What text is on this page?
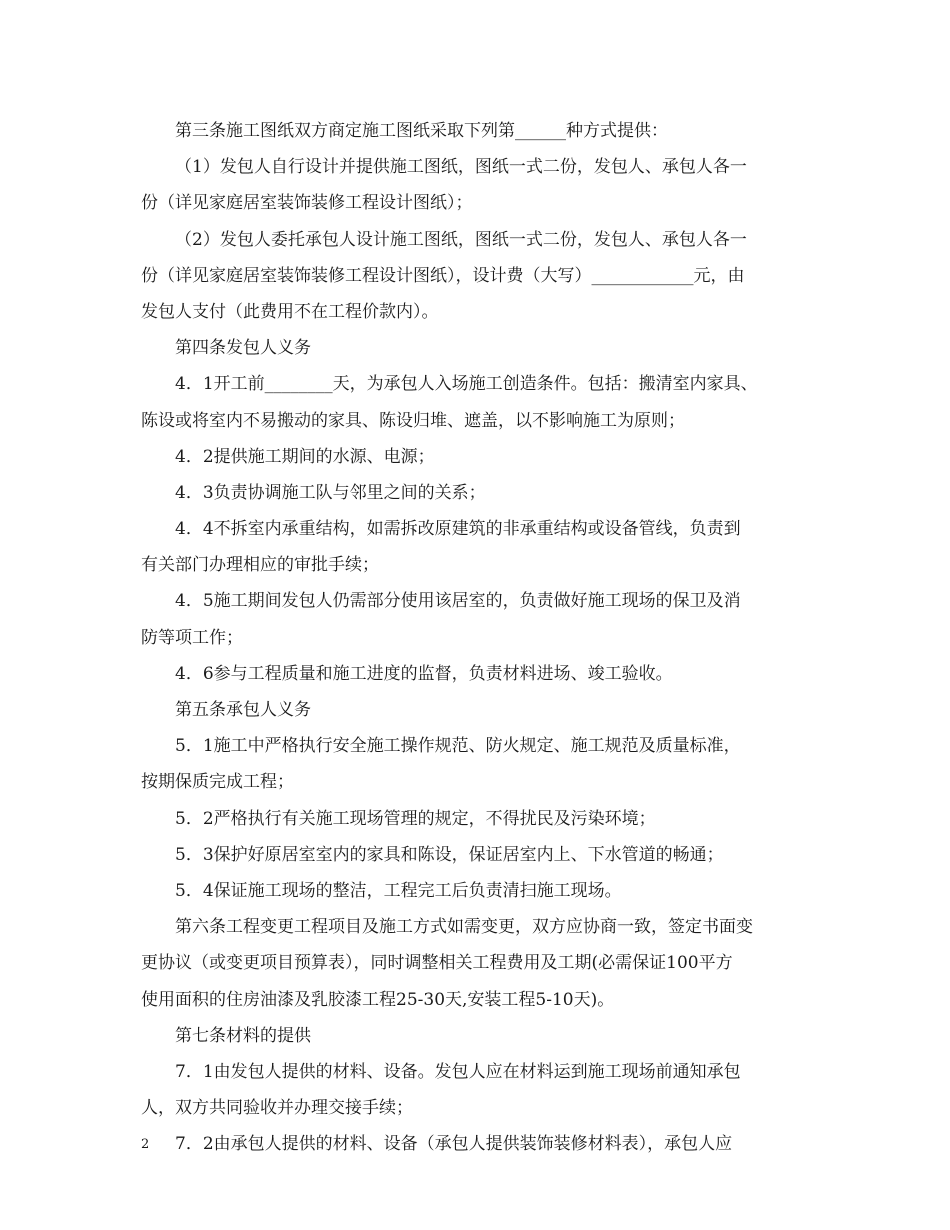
第三条施工图纸双方商定施工图纸采取下列第______种方式提供：
（1）发包人自行设计并提供施工图纸，图纸一式二份，发包人、承包人各一
份（详见家庭居室装饰装修工程设计图纸）；
（2）发包人委托承包人设计施工图纸，图纸一式二份，发包人、承包人各一
份（详见家庭居室装饰装修工程设计图纸），设计费（大写）____________元，由
发包人支付（此费用不在工程价款内）。
第四条发包人义务
4．1开工前________天，为承包人入场施工创造条件。包括：搬清室内家具、
陈设或将室内不易搬动的家具、陈设归堆、遮盖，以不影响施工为原则；
4．2提供施工期间的水源、电源；
4．3负责协调施工队与邻里之间的关系；
4．4不拆室内承重结构，如需拆改原建筑的非承重结构或设备管线，负责到
有关部门办理相应的审批手续；
4．5施工期间发包人仍需部分使用该居室的，负责做好施工现场的保卫及消
防等项工作；
4．6参与工程质量和施工进度的监督，负责材料进场、竣工验收。
第五条承包人义务
5．1施工中严格执行安全施工操作规范、防火规定、施工规范及质量标准，
按期保质完成工程；
5．2严格执行有关施工现场管理的规定，不得扰民及污染环境；
5．3保护好原居室室内的家具和陈设，保证居室内上、下水管道的畅通；
5．4保证施工现场的整洁，工程完工后负责清扫施工现场。
第六条工程变更工程项目及施工方式如需变更，双方应协商一致，签定书面变
更协议（或变更项目预算表），同时调整相关工程费用及工期(必需保证100平方
使用面积的住房油漆及乳胶漆工程25-30天,安装工程5-10天)。
第七条材料的提供
7．1由发包人提供的材料、设备。发包人应在材料运到施工现场前通知承包
人，双方共同验收并办理交接手续；
7．2由承包人提供的材料、设备（承包人提供装饰装修材料表），承包人应
2
